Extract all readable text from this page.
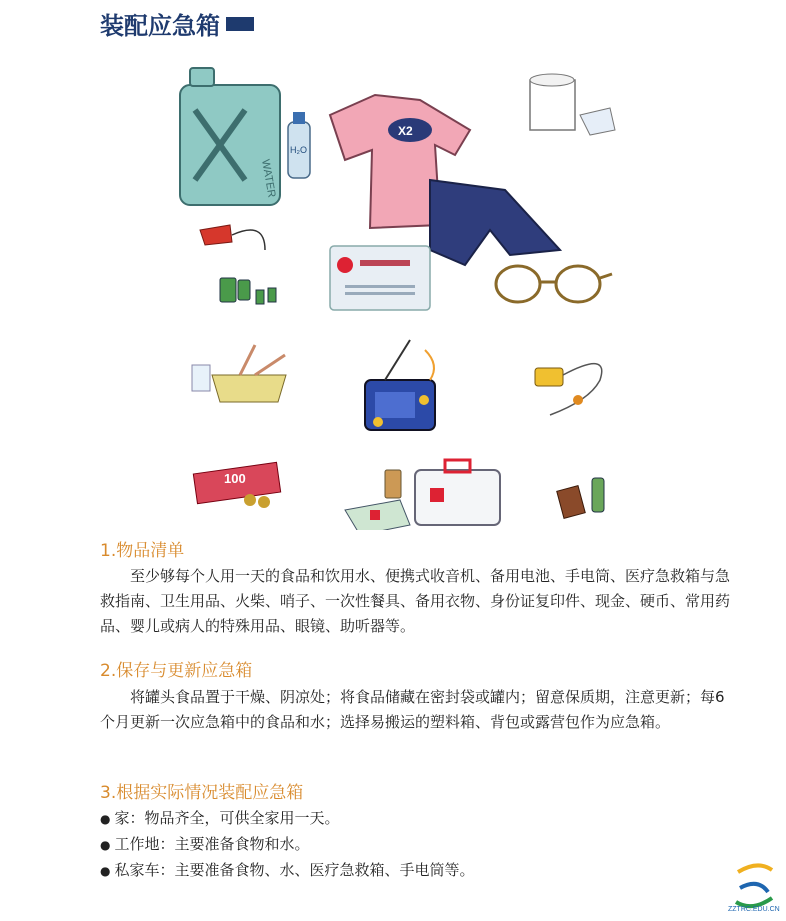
装配应急箱
WATER
H₂O
X2
100
1.物品清单

至少够每个人用一天的食品和饮用水、便携式收音机、备用电池、手电筒、医疗急救箱与急救指南、卫生用品、火柴、哨子、一次性餐具、备用衣物、身份证复印件、现金、硬币、常用药品、婴儿或病人的特殊用品、眼镜、助听器等。

2.保存与更新应急箱

将罐头食品置于干燥、阴凉处；将食品储藏在密封袋或罐内；留意保质期，注意更新；每6个月更新一次应急箱中的食品和水；选择易搬运的塑料箱、背包或露营包作为应急箱。

3.根据实际情况装配应急箱
● 家：物品齐全，可供全家用一天。
● 工作地：主要准备食物和水。
● 私家车：主要准备食物、水、医疗急救箱、手电筒等。
ZZTRC.EDU.CN
